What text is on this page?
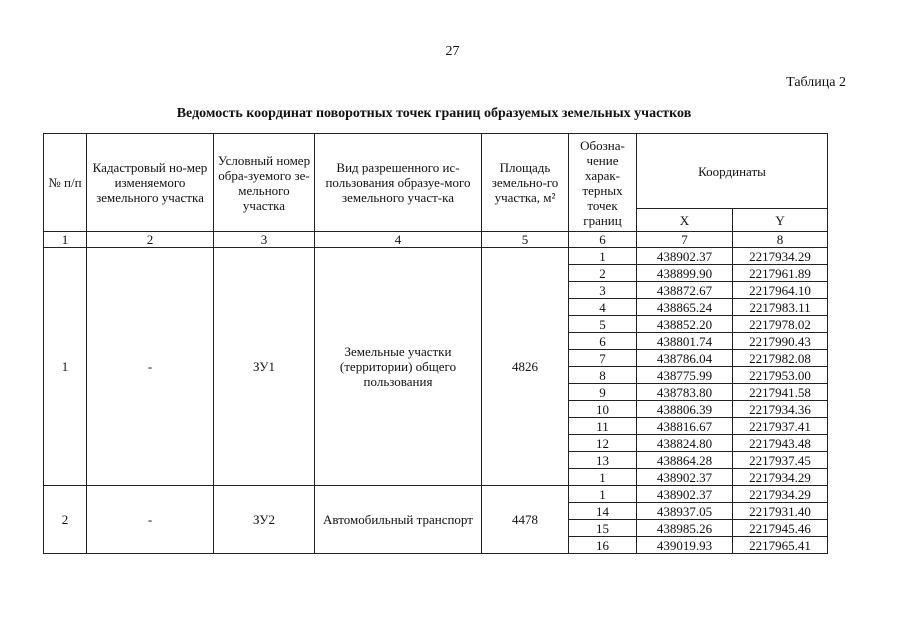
27
Таблица 2
Ведомость координат поворотных точек границ образуемых земельных участков
№ п/п	Кадастровый но-мер изменяемого земельного участка	Условный номер обра-зуемого зе-мельного участка	Вид разрешенного ис-пользования образуе-мого земельного участ-ка	Площадь земельно-го участка, м²	Обозна-чение харак-терных точек границ	Координаты	
						X	Y
1	2	3	4	5	6	7	8
1	-	ЗУ1	Земельные участки (территории) общего пользования	4826	1	438902.37	2217934.29
					2	438899.90	2217961.89
					3	438872.67	2217964.10
					4	438865.24	2217983.11
					5	438852.20	2217978.02
					6	438801.74	2217990.43
					7	438786.04	2217982.08
					8	438775.99	2217953.00
					9	438783.80	2217941.58
					10	438806.39	2217934.36
					11	438816.67	2217937.41
					12	438824.80	2217943.48
					13	438864.28	2217937.45
					1	438902.37	2217934.29
2	-	ЗУ2	Автомобильный транспорт	4478	1	438902.37	2217934.29
					14	438937.05	2217931.40
					15	438985.26	2217945.46
					16	439019.93	2217965.41
